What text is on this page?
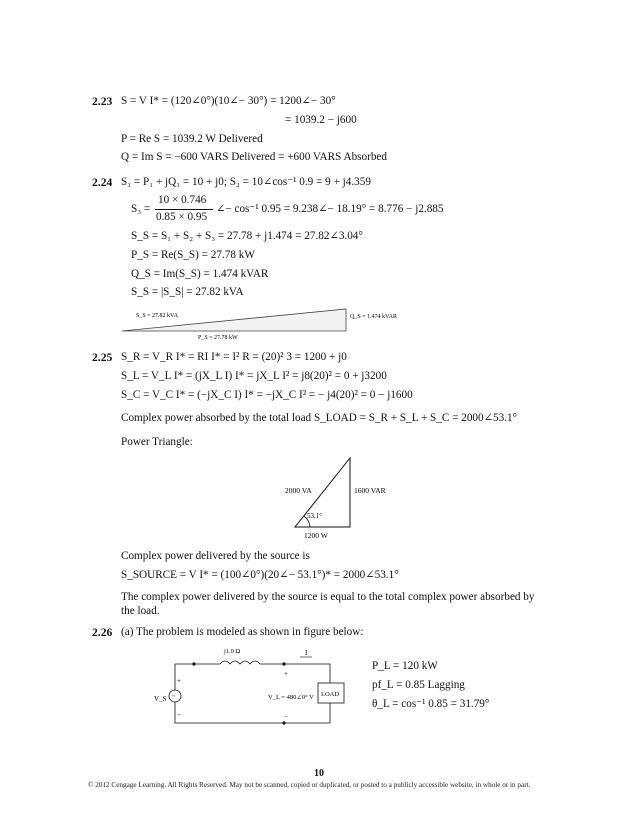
2.23 S = V I* = (120∠0°)(10∠− 30°) = 1200∠− 30°
= 1039.2 − j600
P = Re S = 1039.2 W Delivered
Q = Im S = −600 VARS Delivered = +600 VARS Absorbed
2.24 S₁ = P₁ + jQ₁ = 10 + j0; S₂ = 10∠cos⁻¹ 0.9 = 9 + j4.359
S₃ =
10 × 0.746
0.85 × 0.95
∠− cos⁻¹ 0.95 = 9.238∠− 18.19° = 8.776 − j2.885
S_S = S₁ + S₂ + S₃ = 27.78 + j1.474 = 27.82∠3.04°
P_S = Re(S_S) = 27.78 kW
Q_S = Im(S_S) = 1.474 kVAR
S_S = |S_S| = 27.82 kVA
S_S = 27.82 kVA	Q_S = 1.474 kVAR
P_S = 27.78 kW
2.25 S_R = V_R I* = RI I* = I² R = (20)² 3 = 1200 + j0
S_L = V_L I* = (jX_L I) I* = jX_L I² = j8(20)² = 0 + j3200
S_C = V_C I* = (−jX_C I) I* = −jX_C I² = − j4(20)² = 0 − j1600
Complex power absorbed by the total load S_LOAD = S_R + S_L + S_C = 2000∠53.1°
Power Triangle:
53.1°
2000 VA	1600 VAR
1200 W
Complex power delivered by the source is
S_SOURCE = V I* = (100∠0°)(20∠− 53.1°)* = 2000∠53.1°
The complex power delivered by the source is equal to the total complex power absorbed by
the load.
2.26 (a) The problem is modeled as shown in figure below:
~
V_S
+
−
j1.0 Ω	I
+
V_L = 480∠0° V
−
LOAD
P_L = 120 kW
pf_L = 0.85 Lagging
θ_L = cos⁻¹ 0.85 = 31.79°
10
© 2012 Cengage Learning. All Rights Reserved. May not be scanned, copied or duplicated, or posted to a publicly accessible website, in whole or in part.
